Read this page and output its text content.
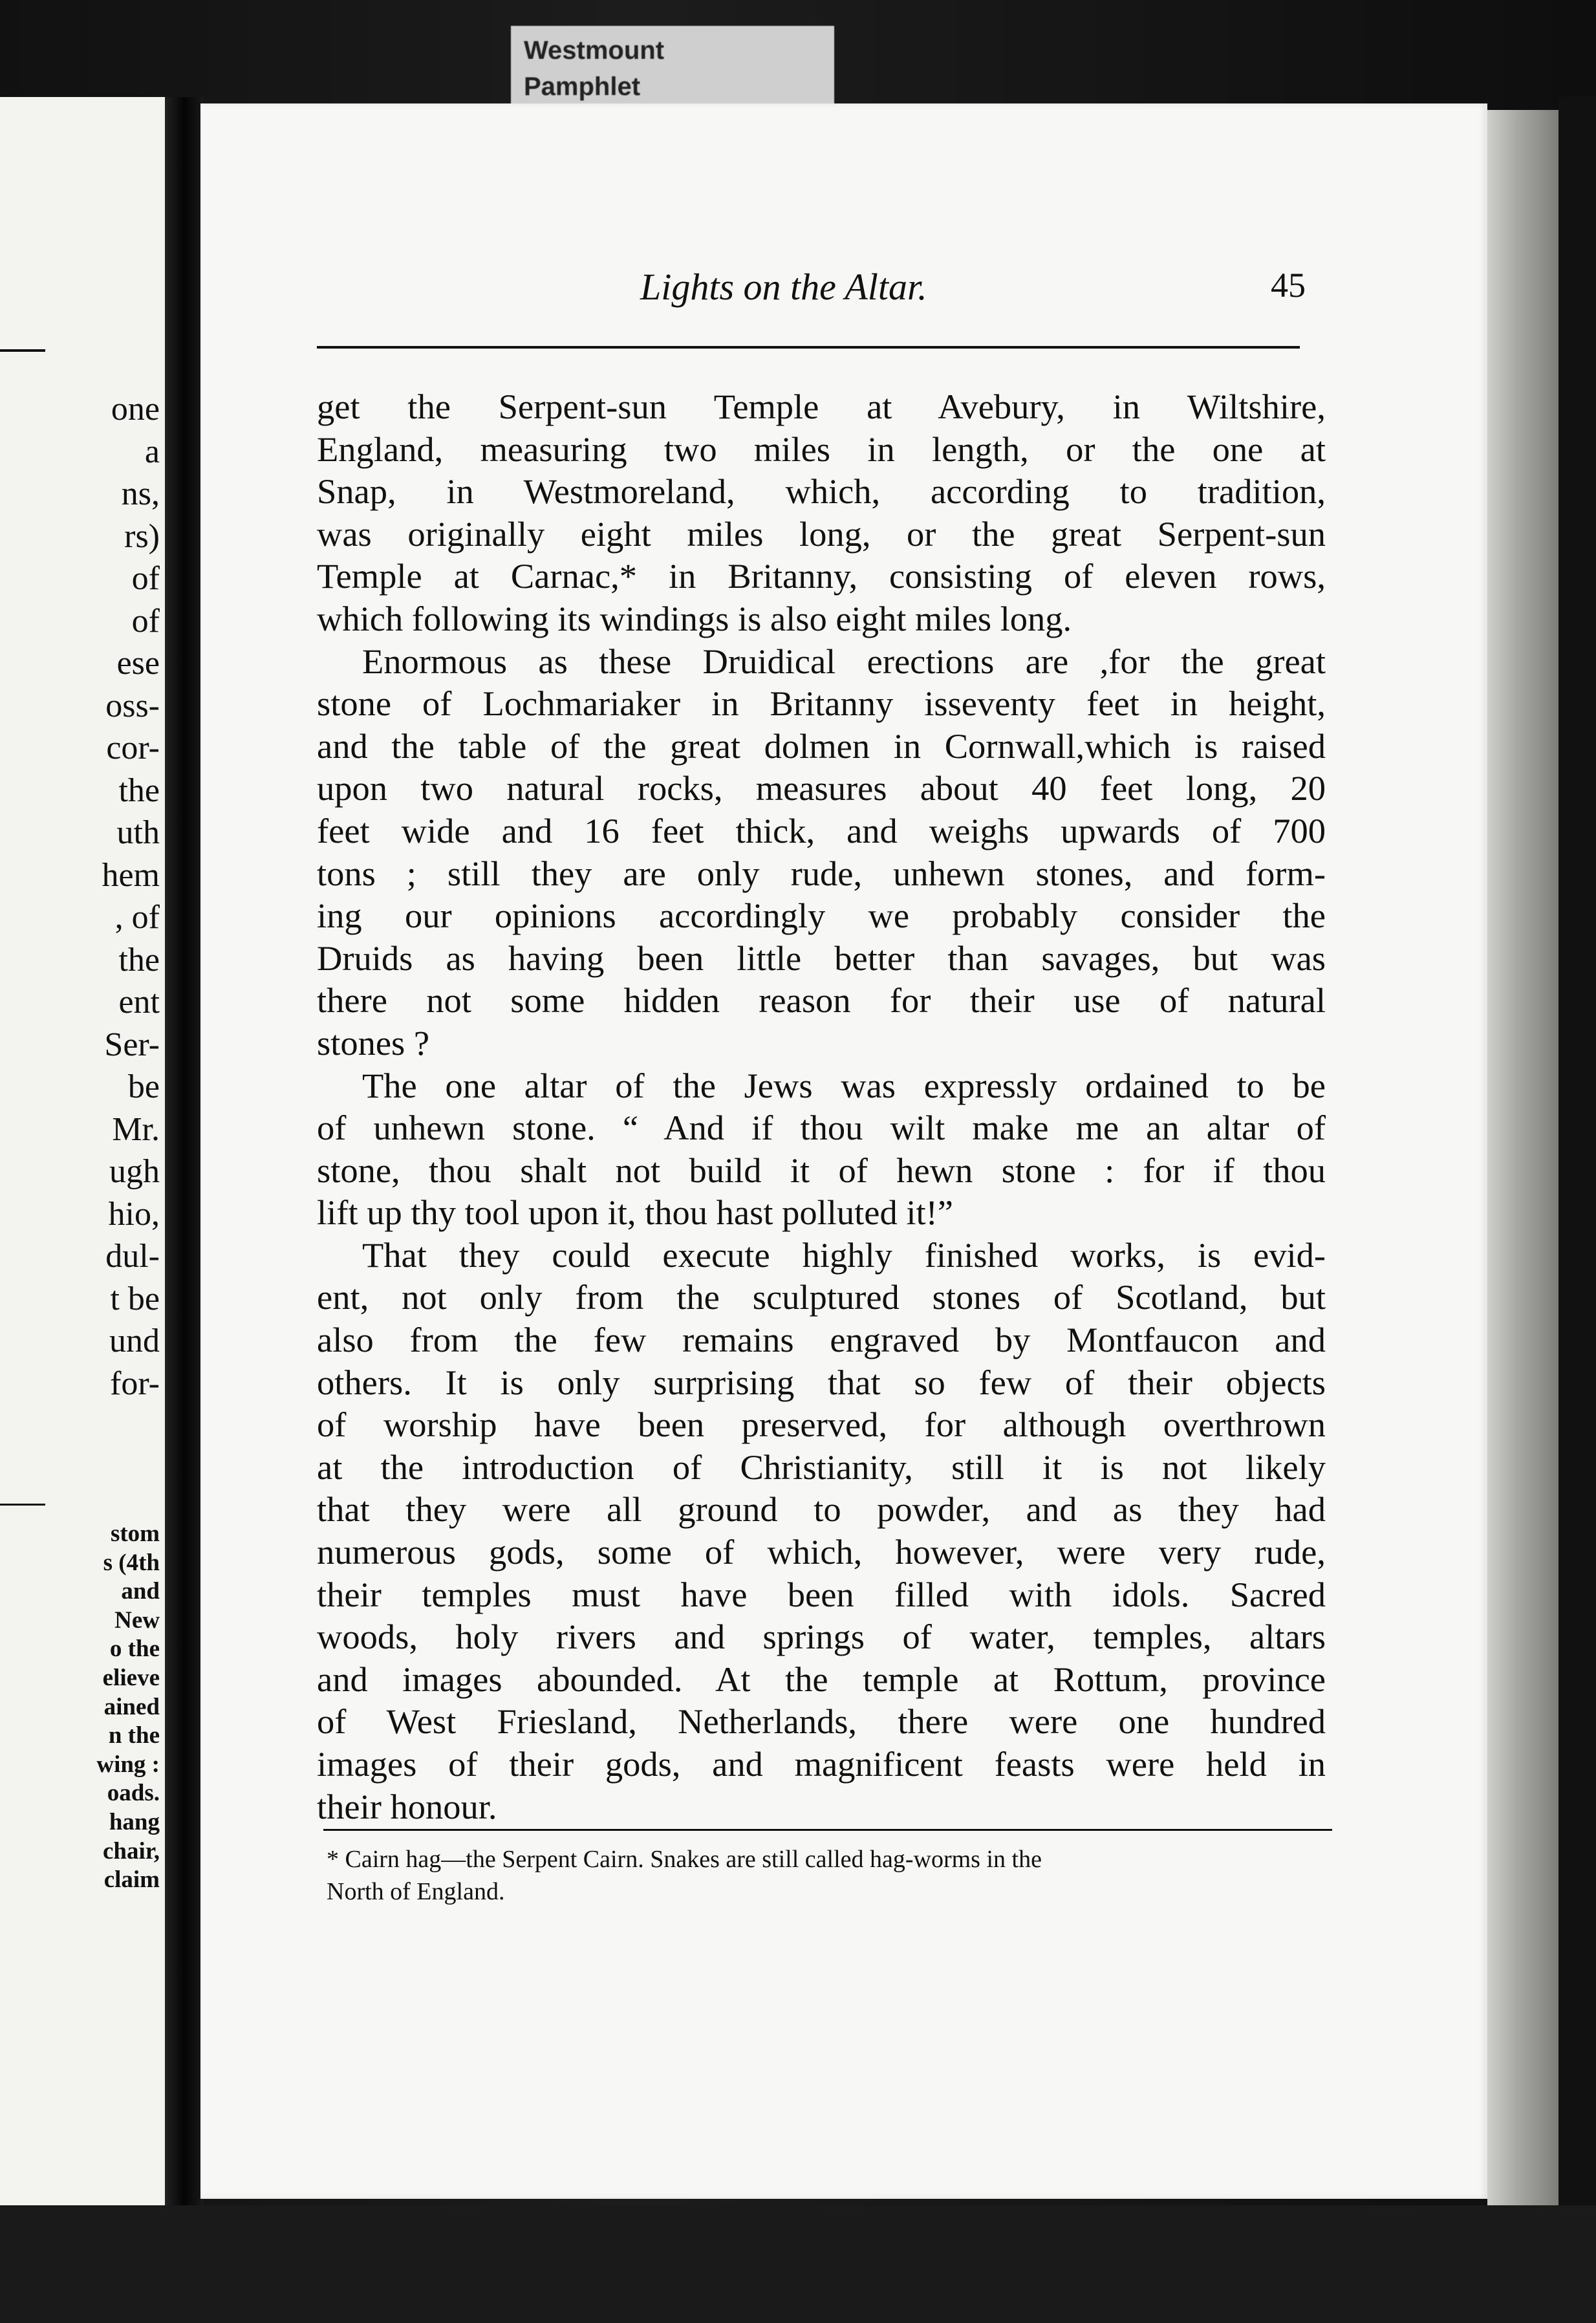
Westmount
Pamphlet
one
a
ns,
rs)
of
of
ese
oss-
cor-
the
uth
hem
, of
the
ent
Ser-
be
Mr.
ugh
hio,
dul-
t be
und
for-
stom
s (4th
and
New
o the
elieve
ained
n the
wing :
oads.
hang
chair,
claim
Lights on the Altar.	45
get the Serpent-sun Temple at Avebury, in Wiltshire,
England, measuring two miles in length, or the one at
Snap, in Westmoreland, which, according to tradition,
was originally eight miles long, or the great Serpent-sun
Temple at Carnac,* in Britanny, consisting of eleven rows,
which following its windings is also eight miles long.
Enormous as these Druidical erections are ,for the great
stone of Lochmariaker in Britanny isseventy feet in height,
and the table of the great dolmen in Cornwall,which is raised
upon two natural rocks, measures about 40 feet long, 20
feet wide and 16 feet thick, and weighs upwards of 700
tons ; still they are only rude, unhewn stones, and form-
ing our opinions accordingly we probably consider the
Druids as having been little better than savages, but was
there not some hidden reason for their use of natural
stones ?
The one altar of the Jews was expressly ordained to be
of unhewn stone. “ And if thou wilt make me an altar of
stone, thou shalt not build it of hewn stone : for if thou
lift up thy tool upon it, thou hast polluted it!”
That they could execute highly finished works, is evid-
ent, not only from the sculptured stones of Scotland, but
also from the few remains engraved by Montfaucon and
others. It is only surprising that so few of their objects
of worship have been preserved, for although overthrown
at the introduction of Christianity, still it is not likely
that they were all ground to powder, and as they had
numerous gods, some of which, however, were very rude,
their temples must have been filled with idols. Sacred
woods, holy rivers and springs of water, temples, altars
and images abounded. At the temple at Rottum, province
of West Friesland, Netherlands, there were one hundred
images of their gods, and magnificent feasts were held in
their honour.
* Cairn hag—the Serpent Cairn. Snakes are still called hag-worms in the
North of England.
